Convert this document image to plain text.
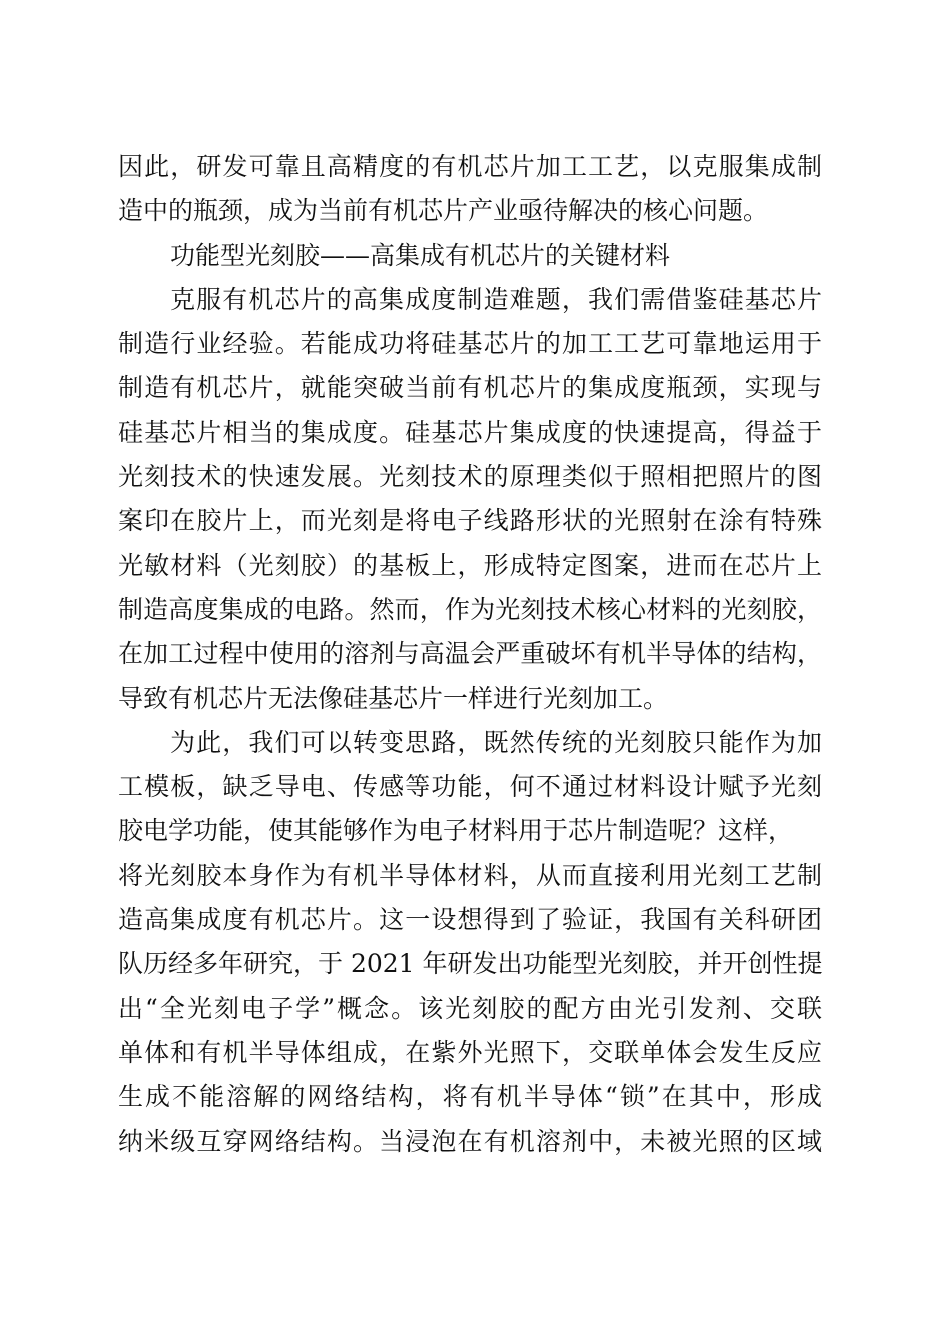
因此，研发可靠且高精度的有机芯片加工工艺，以克服集成制
造中的瓶颈，成为当前有机芯片产业亟待解决的核心问题。
功能型光刻胶——高集成有机芯片的关键材料
克服有机芯片的高集成度制造难题，我们需借鉴硅基芯片
制造行业经验。若能成功将硅基芯片的加工工艺可靠地运用于
制造有机芯片，就能突破当前有机芯片的集成度瓶颈，实现与
硅基芯片相当的集成度。硅基芯片集成度的快速提高，得益于
光刻技术的快速发展。光刻技术的原理类似于照相把照片的图
案印在胶片上，而光刻是将电子线路形状的光照射在涂有特殊
光敏材料（光刻胶）的基板上，形成特定图案，进而在芯片上
制造高度集成的电路。然而，作为光刻技术核心材料的光刻胶，
在加工过程中使用的溶剂与高温会严重破坏有机半导体的结构，
导致有机芯片无法像硅基芯片一样进行光刻加工。
为此，我们可以转变思路，既然传统的光刻胶只能作为加
工模板，缺乏导电、传感等功能，何不通过材料设计赋予光刻
胶电学功能，使其能够作为电子材料用于芯片制造呢？这样，
将光刻胶本身作为有机半导体材料，从而直接利用光刻工艺制
造高集成度有机芯片。这一设想得到了验证，我国有关科研团
队历经多年研究，于 2021 年研发出功能型光刻胶，并开创性提
出“全光刻电子学”概念。该光刻胶的配方由光引发剂、交联
单体和有机半导体组成，在紫外光照下，交联单体会发生反应
生成不能溶解的网络结构，将有机半导体“锁”在其中，形成
纳米级互穿网络结构。当浸泡在有机溶剂中，未被光照的区域
